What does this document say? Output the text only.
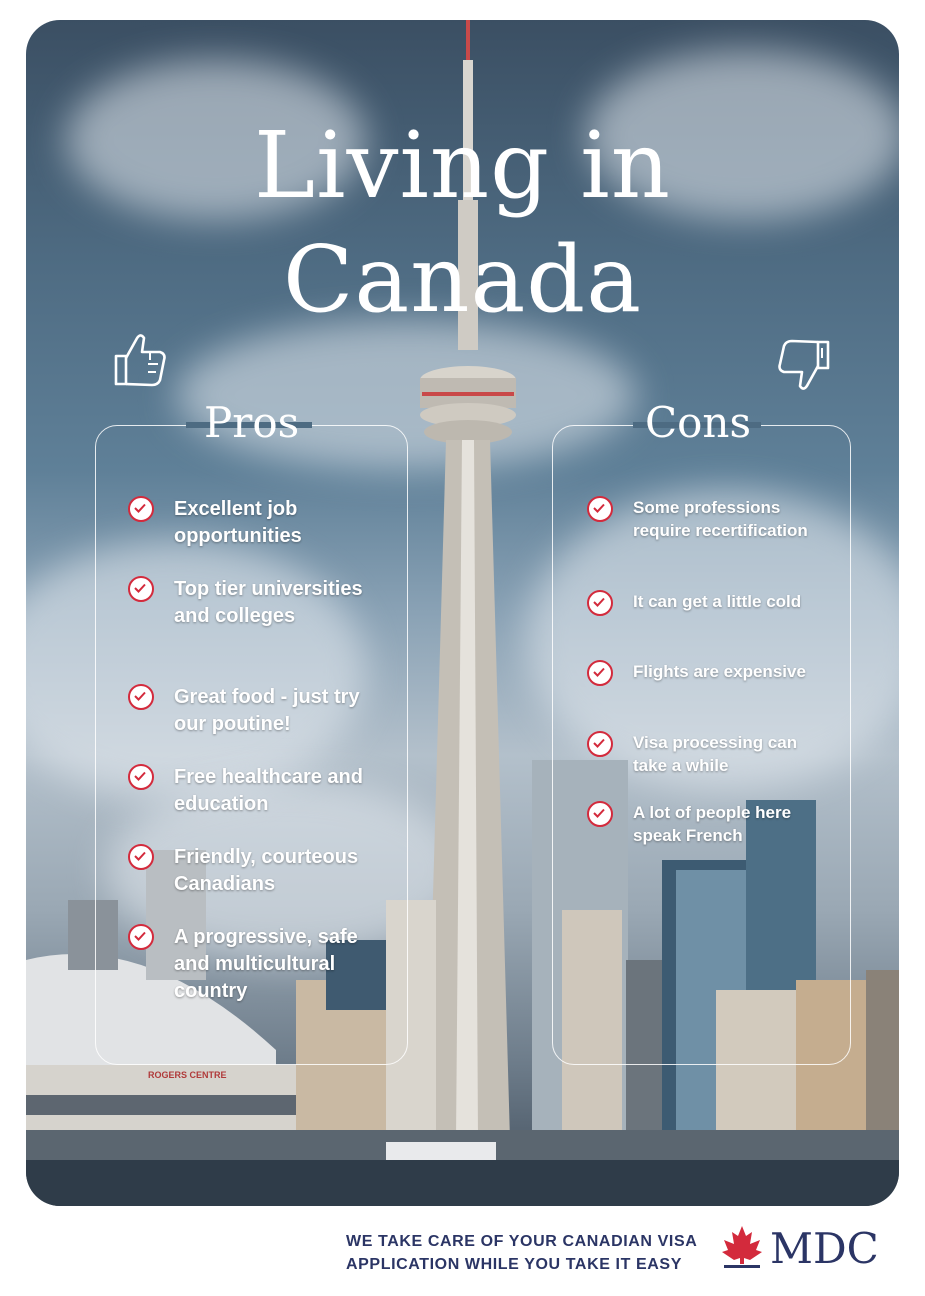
ROGERS CENTRE
Living in
Canada
Pros
Excellent job opportunities
Top tier universities and colleges
Great food - just try our poutine!
Free healthcare and education
Friendly, courteous Canadians
A progressive, safe and multicultural country
Cons
Some professions require recertification
It can get a little cold
Flights are expensive
Visa processing can take a while
A lot of people here speak French
WE TAKE CARE OF YOUR CANADIAN VISA
APPLICATION WHILE YOU TAKE IT EASY	MDC
